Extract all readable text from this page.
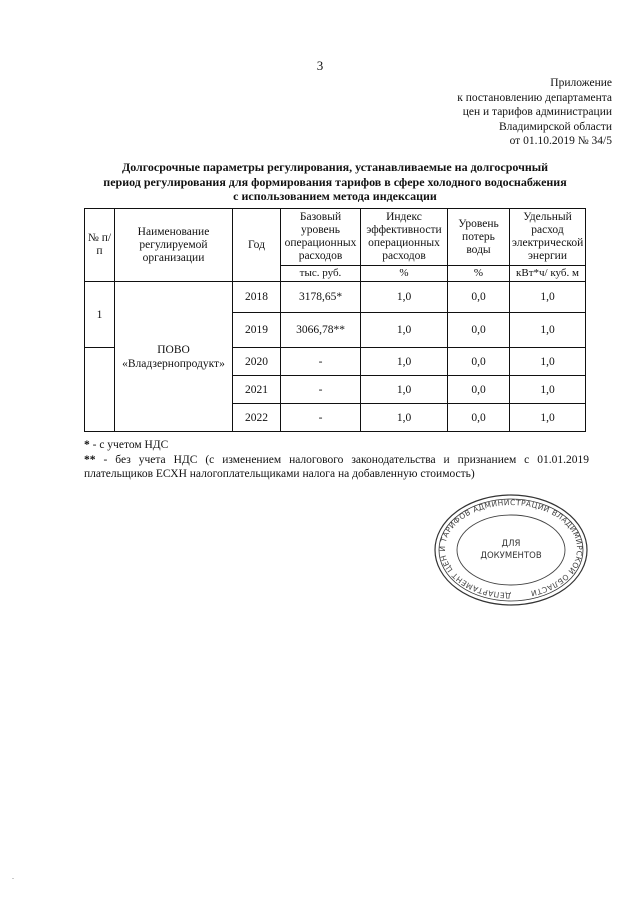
3
Приложение
к постановлению департамента
цен и тарифов администрации
Владимирской области
от 01.10.2019 № 34/5
Долгосрочные параметры регулирования, устанавливаемые на долгосрочный
период регулирования для формирования тарифов в сфере холодного водоснабжения
с использованием метода индексации
№ п/п	Наименование регулируемой организации	Год	Базовый уровень операционных расходов	Индекс эффективности операционных расходов	Уровень потерь воды	Удельный расход электрической энергии
			тыс. руб.	%	%	кВт*ч/ куб. м
1	ПОВО «Владзернопродукт»	2018	3178,65*	1,0	0,0	1,0
		2019	3066,78**	1,0	0,0	1,0
		2020	-	1,0	0,0	1,0
		2021	-	1,0	0,0	1,0
		2022	-	1,0	0,0	1,0
* - с учетом НДС
** - без учета НДС (с изменением налогового законодательства и признанием с 01.01.2019 плательщиков ЕСХН налогоплательщиками налога на добавленную стоимость)
ДЕПАРТАМЕНТ ЦЕН И ТАРИФОВ АДМИНИСТРАЦИИ ВЛАДИМИРСКОЙ ОБЛАСТИ
ДЛЯ
ДОКУМЕНТОВ
.
